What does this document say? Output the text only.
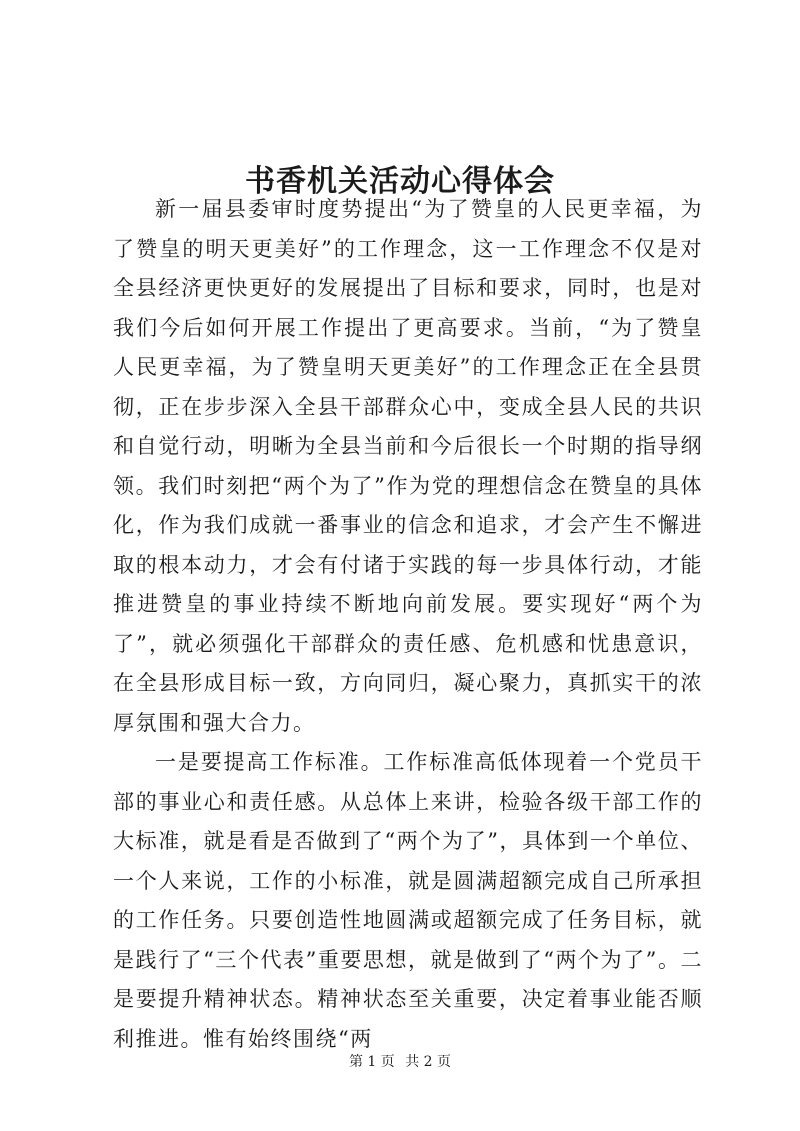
书香机关活动心得体会

新一届县委审时度势提出“为了赞皇的人民更幸福，为了赞皇的明天更美好”的工作理念，这一工作理念不仅是对全县经济更快更好的发展提出了目标和要求，同时，也是对我们今后如何开展工作提出了更高要求。当前，“为了赞皇人民更幸福，为了赞皇明天更美好”的工作理念正在全县贯彻，正在步步深入全县干部群众心中，变成全县人民的共识和自觉行动，明晰为全县当前和今后很长一个时期的指导纲领。我们时刻把“两个为了”作为党的理想信念在赞皇的具体化，作为我们成就一番事业的信念和追求，才会产生不懈进取的根本动力，才会有付诸于实践的每一步具体行动，才能推进赞皇的事业持续不断地向前发展。要实现好“两个为了”，就必须强化干部群众的责任感、危机感和忧患意识，在全县形成目标一致，方向同归，凝心聚力，真抓实干的浓厚氛围和强大合力。

一是要提高工作标准。工作标准高低体现着一个党员干部的事业心和责任感。从总体上来讲，检验各级干部工作的大标准，就是看是否做到了“两个为了”，具体到一个单位、一个人来说，工作的小标准，就是圆满超额完成自己所承担的工作任务。只要创造性地圆满或超额完成了任务目标，就是践行了“三个代表”重要思想，就是做到了“两个为了”。二是要提升精神状态。精神状态至关重要，决定着事业能否顺利推进。惟有始终围绕“两

第 1 页 共 2 页
